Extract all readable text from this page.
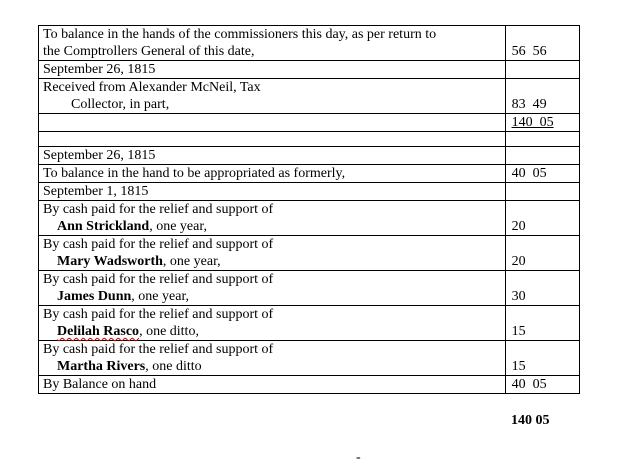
To balance in the hands of the commissioners this day, as per return to
the Comptrollers General of this date,	56  56
September 26, 1815	

Received from Alexander McNeil, Tax
Collector, in part,	83  49
	140  05

September 26, 1815	
To balance in the hand to be appropriated as formerly,	40  05
September 1, 1815	

By cash paid for the relief and support of
Ann Strickland, one year,	20

By cash paid for the relief and support of
Mary Wadsworth, one year,	20

By cash paid for the relief and support of
James Dunn, one year,	30

By cash paid for the relief and support of
Delilah Rasco, one ditto,	15

By cash paid for the relief and support of
Martha Rivers, one ditto	15
By Balance on hand	40  05
140 05
-
